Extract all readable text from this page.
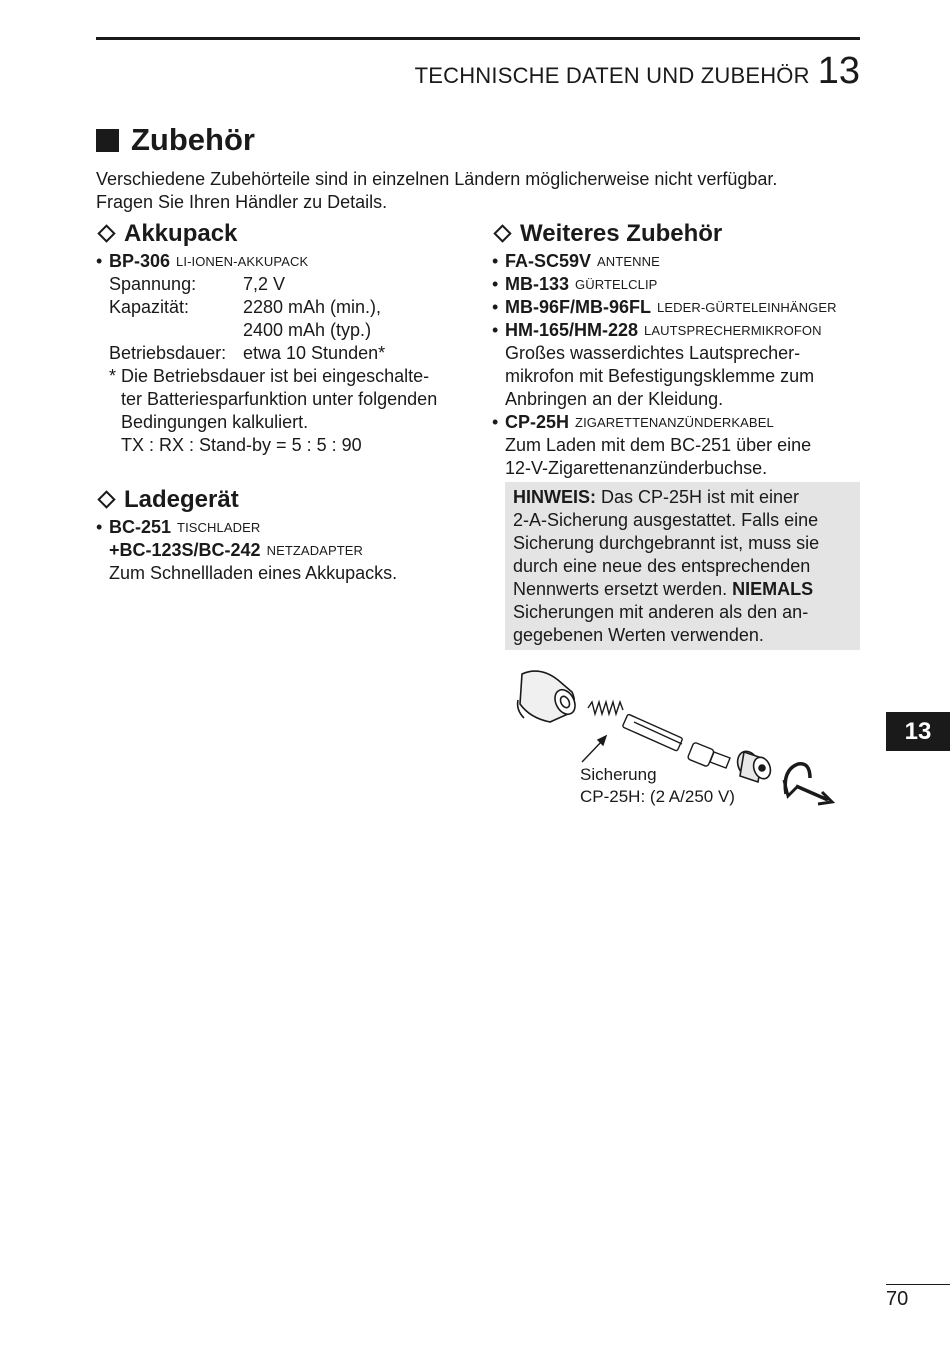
TECHNISCHE DATEN UND ZUBEHÖR 13
Zubehör
Verschiedene Zubehörteile sind in einzelnen Ländern möglicherweise nicht verfügbar.
Fragen Sie Ihren Händler zu Details.
Akkupack
• BP-306 LI-IONEN-AKKUPACK
Spannung:	7,2 V
Kapazität:	2280 mAh (min.),
2400 mAh (typ.)
Betriebsdauer: etwa 10 Stunden*
* Die Betriebsdauer ist bei eingeschalte-
ter Batteriesparfunktion unter folgenden
Bedingungen kalkuliert.
TX : RX : Stand-by = 5 : 5 : 90
Ladegerät
• BC-251 TISCHLADER
+BC-123S/BC-242 NETZADAPTER
Zum Schnellladen eines Akkupacks.
Weiteres Zubehör
• FA-SC59V ANTENNE
• MB-133 GÜRTELCLIP
• MB-96F/MB-96FL LEDER-GÜRTELEINHÄNGER
• HM-165/HM-228 LAUTSPRECHERMIKROFON
Großes wasserdichtes Lautsprecher-
mikrofon mit Befestigungsklemme zum
Anbringen an der Kleidung.
• CP-25H ZIGARETTENANZÜNDERKABEL
Zum Laden mit dem BC-251 über eine
12-V-Zigarettenanzünderbuchse.
HINWEIS: Das CP-25H ist mit einer
2-A-Sicherung ausgestattet. Falls eine
Sicherung durchgebrannt ist, muss sie
durch eine neue des entsprechenden
Nennwerts ersetzt werden. NIEMALS
Sicherungen mit anderen als den an-
gegebenen Werten verwenden.
Sicherung
CP-25H: (2 A/250 V)
13
70
